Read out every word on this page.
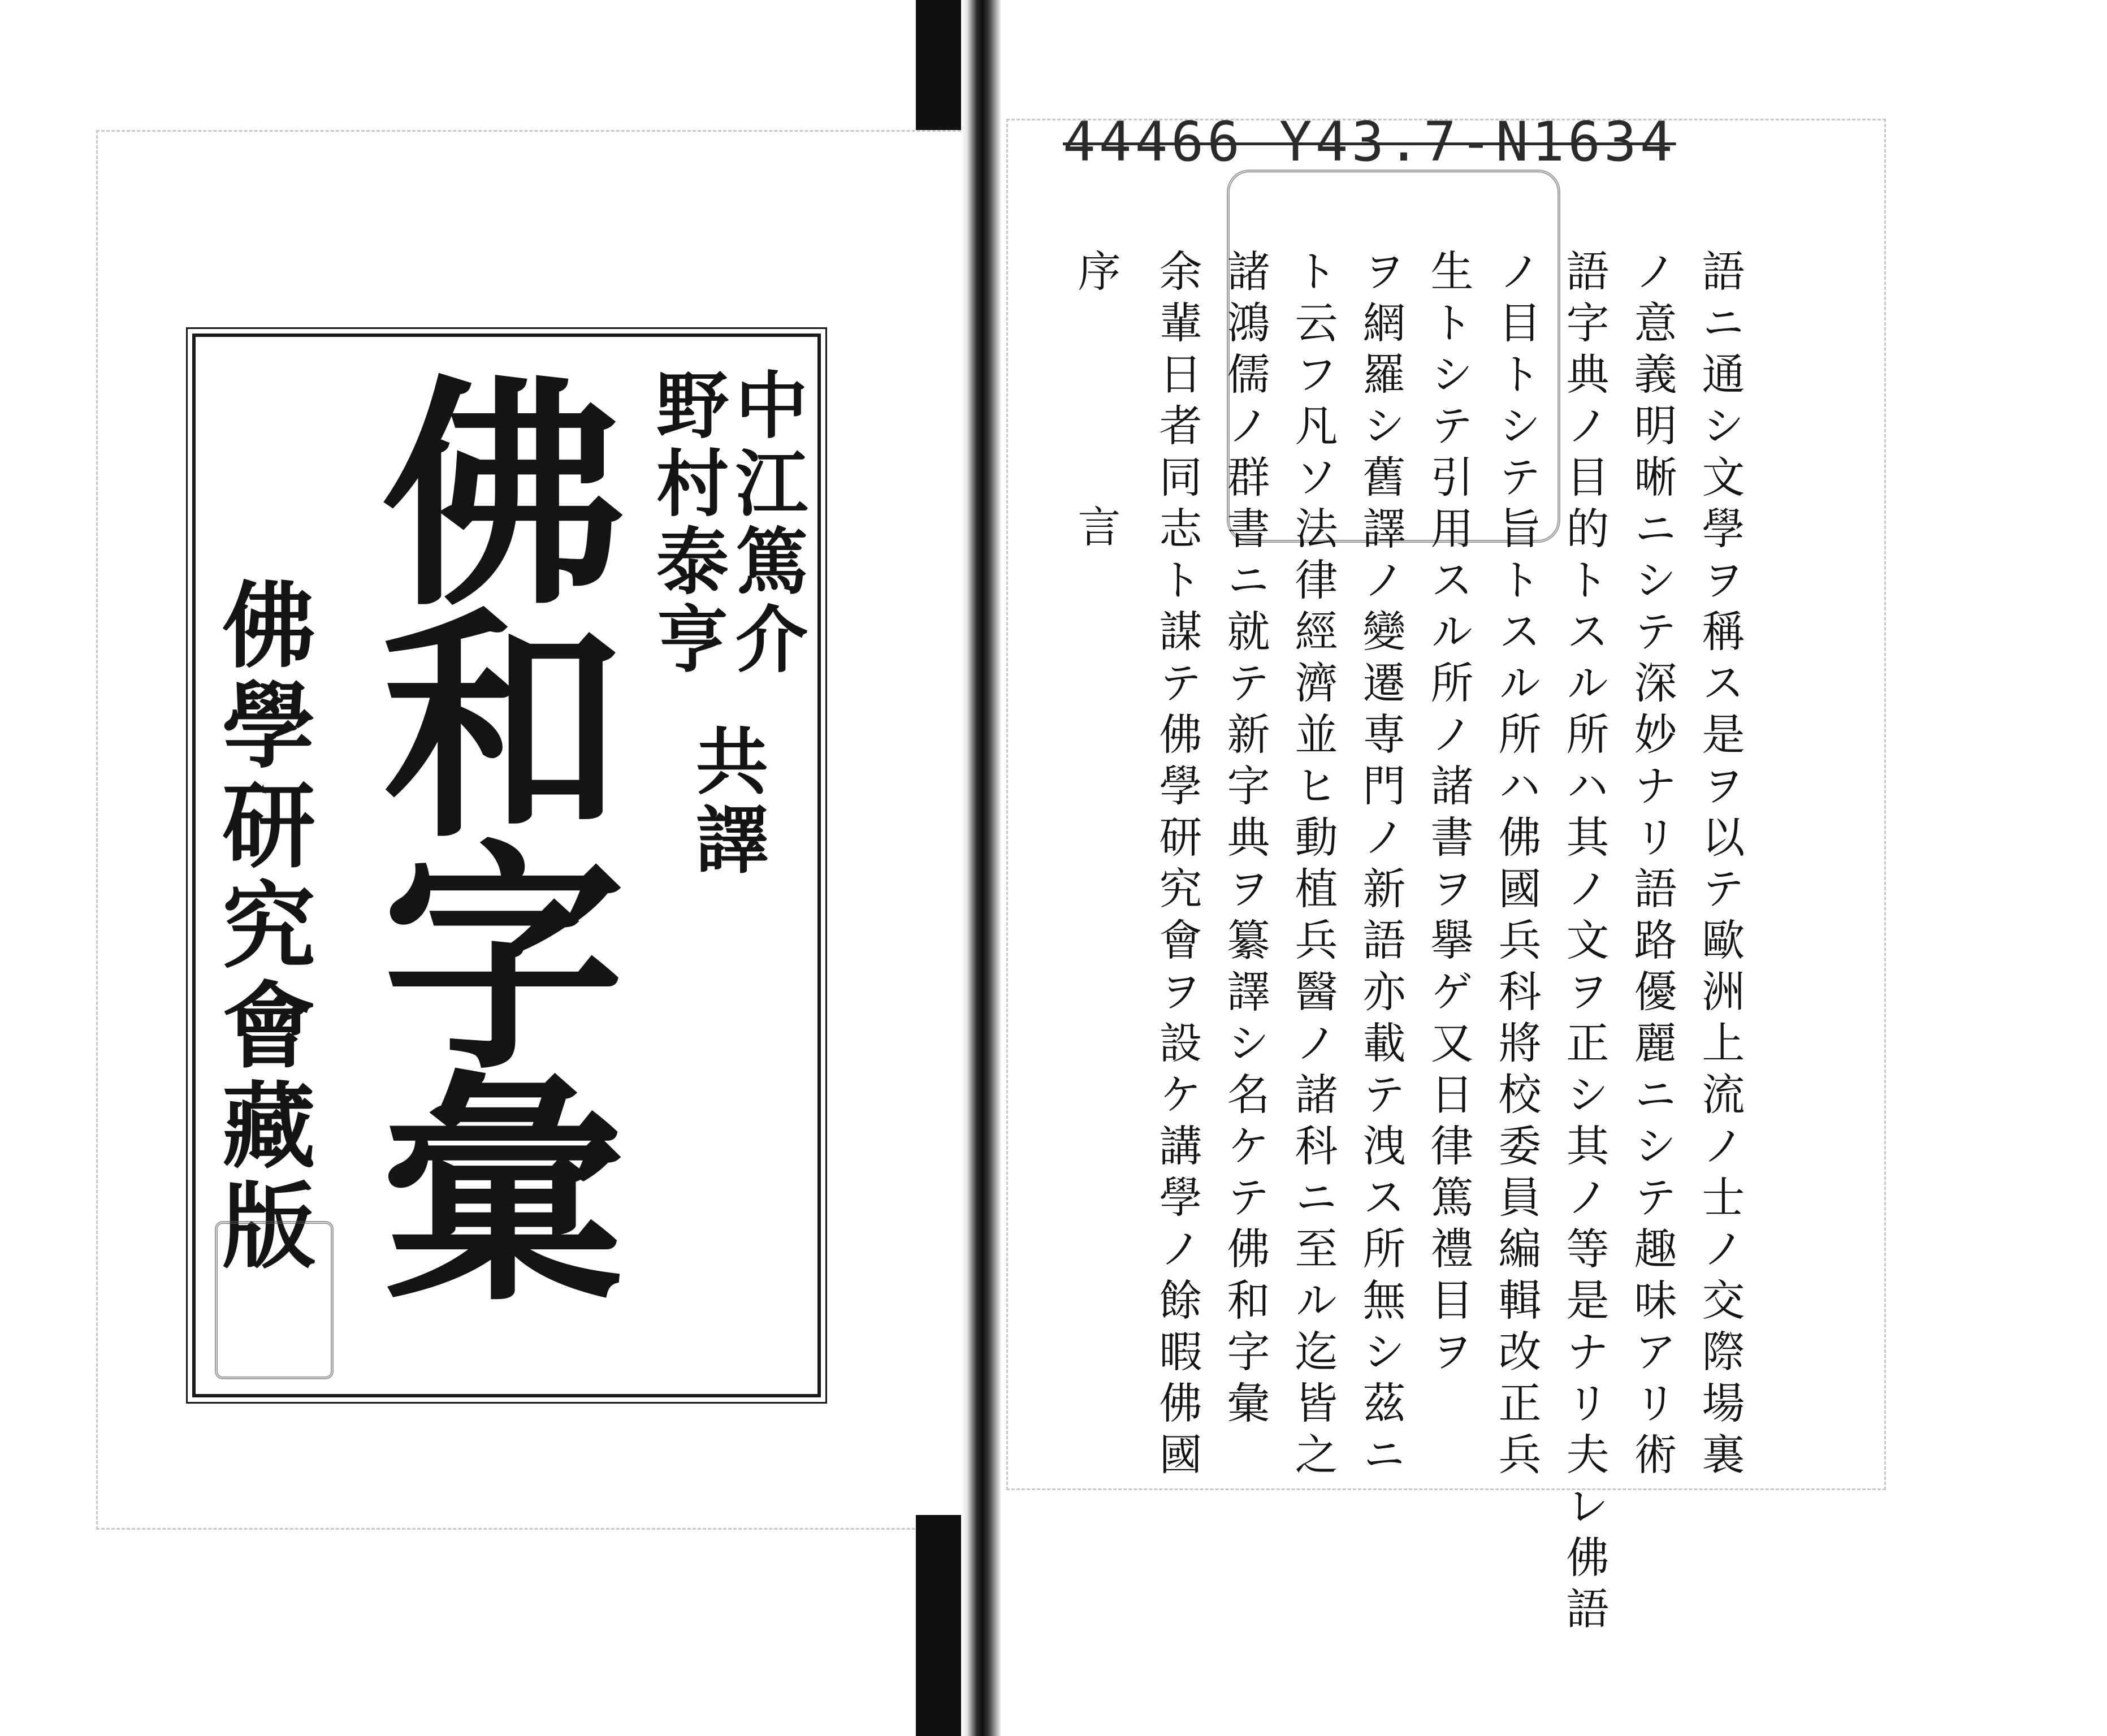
佛和字彙 中江篤介
野村泰亨
共譯
佛學研究會藏版
44466 Y43.7-N1634
語ニ通シ文學ヲ稱ス是ヲ以テ歐洲上流ノ士ノ交際場裏
ノ意義明晰ニシテ深妙ナリ語路優麗ニシテ趣味アリ術
語字典ノ目的トスル所ハ其ノ文ヲ正シ其ノ等是ナリ夫レ佛語
ノ目トシテ旨トスル所ハ佛國兵科將校委員編輯改正兵
生トシテ引用スル所ノ諸書ヲ擧ゲ又日律篤禮目ヲ
ヲ網羅シ舊譯ノ變遷専門ノ新語亦載テ洩ス所無シ茲ニ
ト云フ凡ソ法律經濟並ヒ動植兵醫ノ諸科ニ至ル迄皆之
諸鴻儒ノ群書ニ就テ新字典ヲ纂譯シ名ケテ佛和字彙
余輩日者同志ト謀テ佛學研究會ヲ設ケ講學ノ餘暇佛國
序　言
